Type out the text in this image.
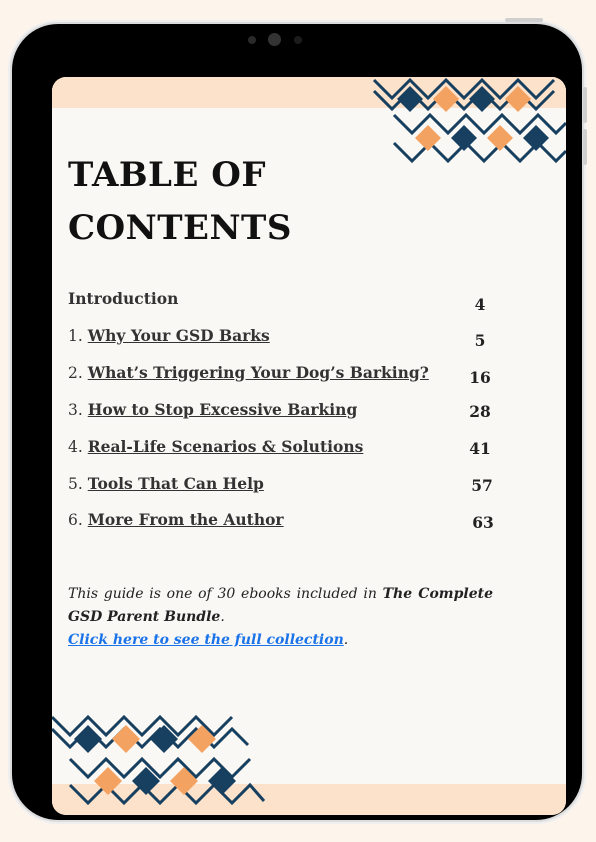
TABLE OF
CONTENTS
Introduction	4
1. Why Your GSD Barks	5
2. What’s Triggering Your Dog’s Barking?	16
3. How to Stop Excessive Barking	28
4. Real-Life Scenarios & Solutions	41
5. Tools That Can Help	57
6. More From the Author	63
This guide is one of 30 ebooks included in The Complete GSD Parent Bundle.
Click here to see the full collection.
